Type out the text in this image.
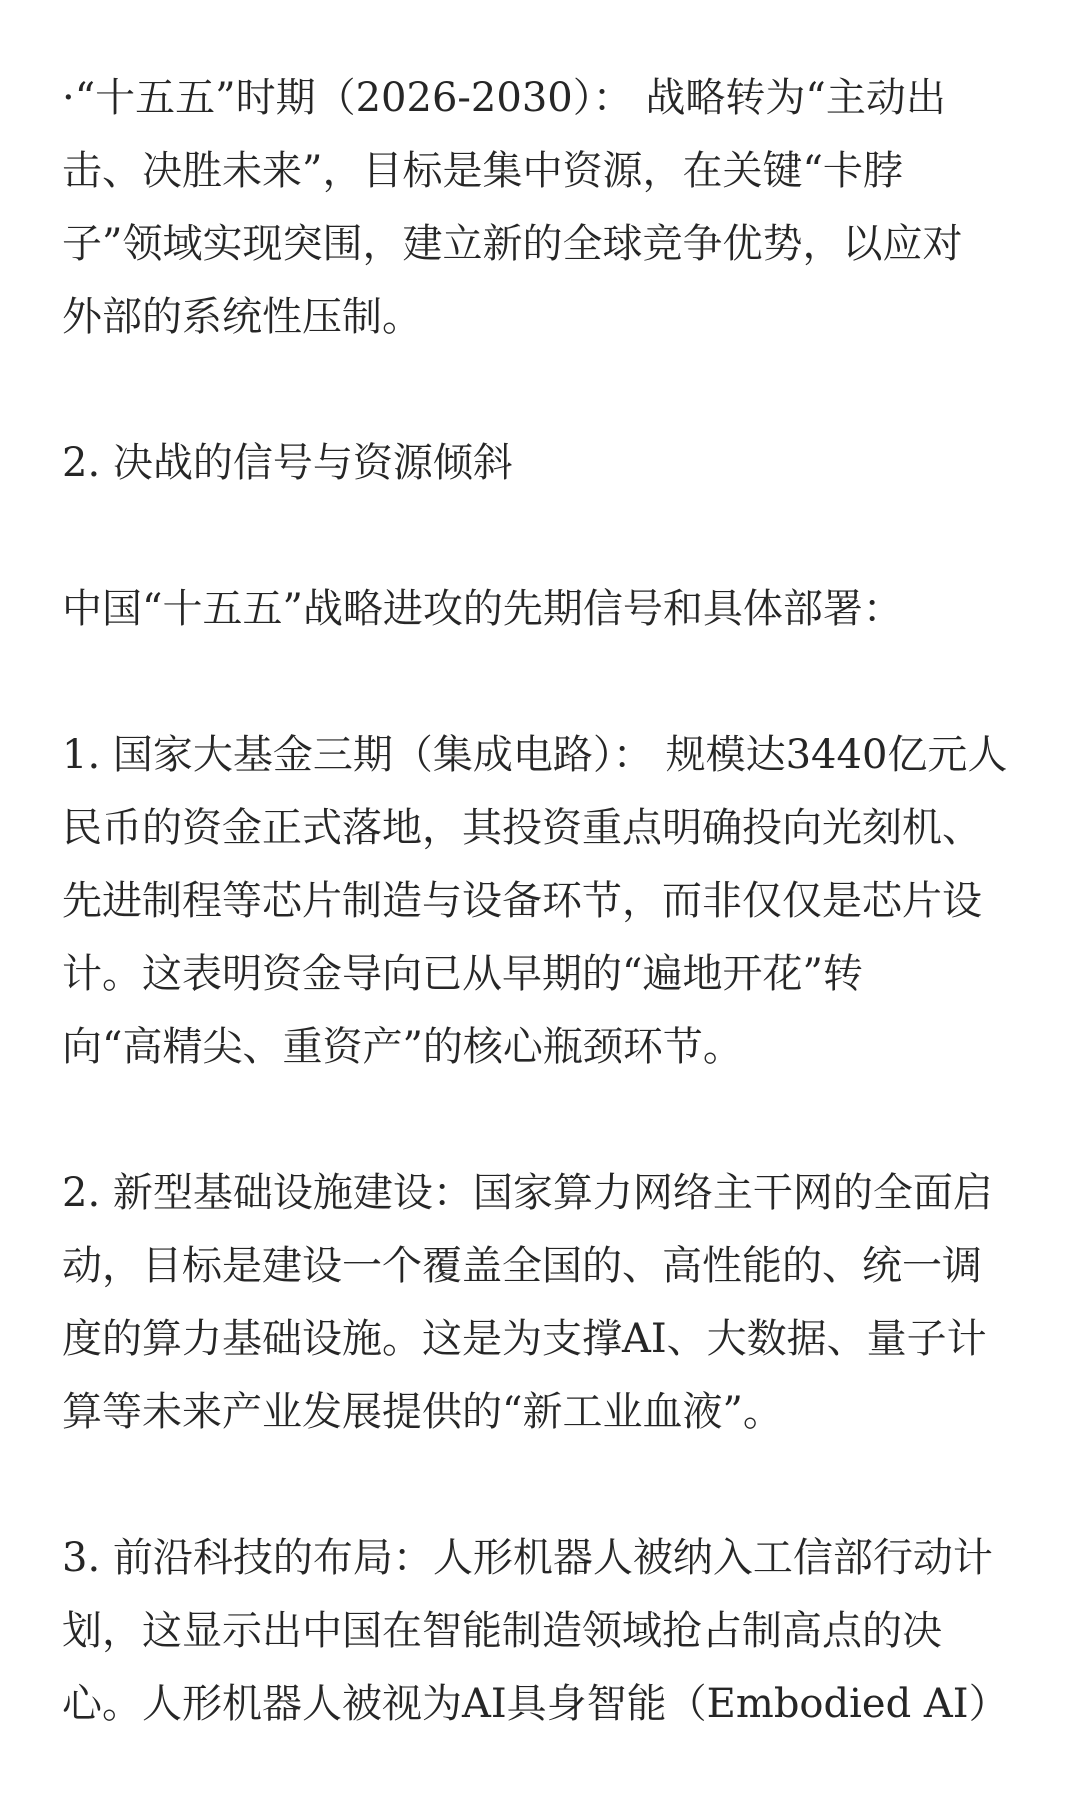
·“十五五”时期（2026-2030）： 战略转为“主动出
击、决胜未来”，目标是集中资源，在关键“卡脖
子”领域实现突围，建立新的全球竞争优势，以应对
外部的系统性压制。
2. 决战的信号与资源倾斜
中国“十五五”战略进攻的先期信号和具体部署：
1. 国家大基金三期（集成电路）： 规模达3440亿元人
民币的资金正式落地，其投资重点明确投向光刻机、
先进制程等芯片制造与设备环节，而非仅仅是芯片设
计。这表明资金导向已从早期的“遍地开花”转
向“高精尖、重资产”的核心瓶颈环节。
2. 新型基础设施建设：国家算力网络主干网的全面启
动，目标是建设一个覆盖全国的、高性能的、统一调
度的算力基础设施。这是为支撑AI、大数据、量子计
算等未来产业发展提供的“新工业血液”。
3. 前沿科技的布局：人形机器人被纳入工信部行动计
划，这显示出中国在智能制造领域抢占制高点的决
心。人形机器人被视为AI具身智能（Embodied AI）
